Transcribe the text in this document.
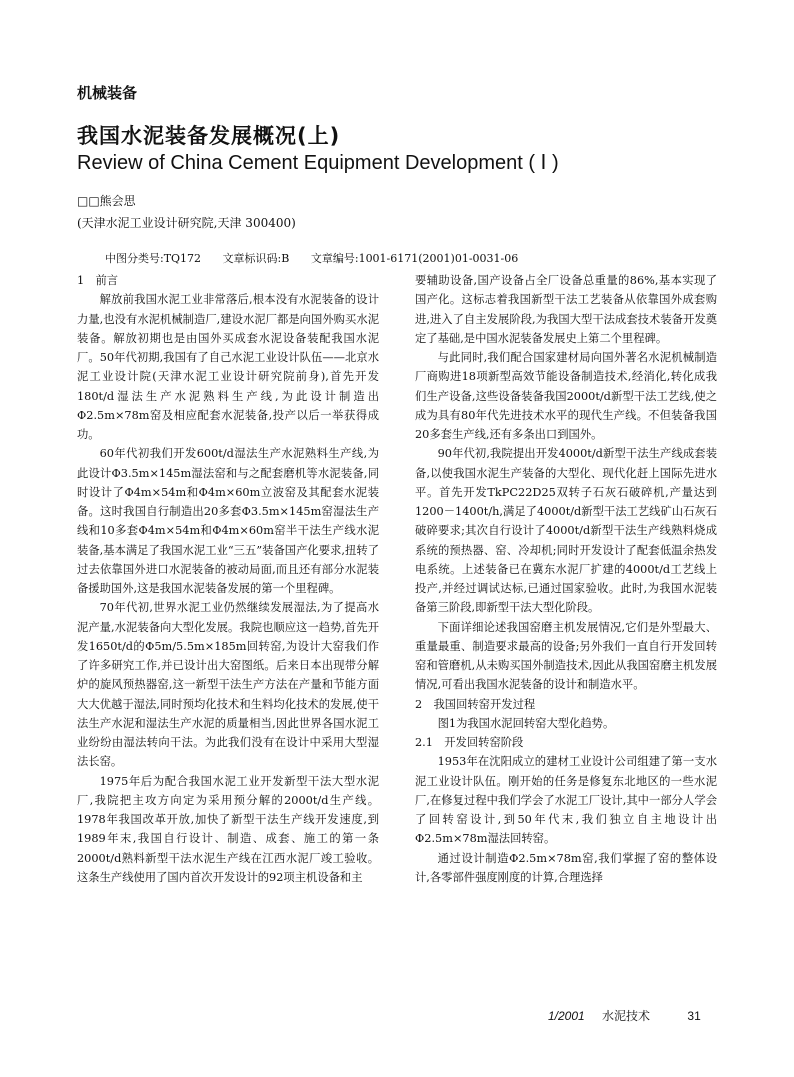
机械装备
我国水泥装备发展概况(上)
Review of China Cement Equipment Development ( Ⅰ )
□□熊会思
(天津水泥工业设计研究院,天津 300400)
中图分类号:TQ172 文章标识码:B 文章编号:1001-6171(2001)01-0031-06
1　前言

解放前我国水泥工业非常落后,根本没有水泥装备的设计力量,也没有水泥机械制造厂,建设水泥厂都是向国外购买水泥装备。解放初期也是由国外买成套水泥设备装配我国水泥厂。50年代初期,我国有了自己水泥工业设计队伍——北京水泥工业设计院(天津水泥工业设计研究院前身),首先开发180t/d湿法生产水泥熟料生产线,为此设计制造出Φ2.5m×78m窑及相应配套水泥装备,投产以后一举获得成功。

60年代初我们开发600t/d湿法生产水泥熟料生产线,为此设计Φ3.5m×145m湿法窑和与之配套磨机等水泥装备,同时设计了Φ4m×54m和Φ4m×60m立波窑及其配套水泥装备。这时我国自行制造出20多套Φ3.5m×145m窑湿法生产线和10多套Φ4m×54m和Φ4m×60m窑半干法生产线水泥装备,基本满足了我国水泥工业“三五”装备国产化要求,扭转了过去依靠国外进口水泥装备的被动局面,而且还有部分水泥装备援助国外,这是我国水泥装备发展的第一个里程碑。

70年代初,世界水泥工业仍然继续发展湿法,为了提高水泥产量,水泥装备向大型化发展。我院也顺应这一趋势,首先开发1650t/d的Φ5m/5.5m×185m回转窑,为设计大窑我们作了许多研究工作,并已设计出大窑图纸。后来日本出现带分解炉的旋风预热器窑,这一新型干法生产方法在产量和节能方面大大优越于湿法,同时预均化技术和生料均化技术的发展,使干法生产水泥和湿法生产水泥的质量相当,因此世界各国水泥工业纷纷由湿法转向干法。为此我们没有在设计中采用大型湿法长窑。

1975年后为配合我国水泥工业开发新型干法大型水泥厂,我院把主攻方向定为采用预分解的2000t/d生产线。1978年我国改革开放,加快了新型干法生产线开发速度,到1989年末,我国自行设计、制造、成套、施工的第一条2000t/d熟料新型干法水泥生产线在江西水泥厂竣工验收。这条生产线使用了国内首次开发设计的92项主机设备和主

要辅助设备,国产设备占全厂设备总重量的86%,基本实现了国产化。这标志着我国新型干法工艺装备从依靠国外成套购进,进入了自主发展阶段,为我国大型干法成套技术装备开发奠定了基础,是中国水泥装备发展史上第二个里程碑。

与此同时,我们配合国家建材局向国外著名水泥机械制造厂商购进18项新型高效节能设备制造技术,经消化,转化成我们生产设备,这些设备装备我国2000t/d新型干法工艺线,使之成为具有80年代先进技术水平的现代生产线。不但装备我国20多套生产线,还有多条出口到国外。

90年代初,我院提出开发4000t/d新型干法生产线成套装备,以使我国水泥生产装备的大型化、现代化赶上国际先进水平。首先开发TkPC22D25双转子石灰石破碎机,产量达到1200－1400t/h,满足了4000t/d新型干法工艺线矿山石灰石破碎要求;其次自行设计了4000t/d新型干法生产线熟料烧成系统的预热器、窑、冷却机;同时开发设计了配套低温余热发电系统。上述装备已在冀东水泥厂扩建的4000t/d工艺线上投产,并经过调试达标,已通过国家验收。此时,为我国水泥装备第三阶段,即新型干法大型化阶段。

下面详细论述我国窑磨主机发展情况,它们是外型最大、重量最重、制造要求最高的设备;另外我们一直自行开发回转窑和管磨机,从未购买国外制造技术,因此从我国窑磨主机发展情况,可看出我国水泥装备的设计和制造水平。

2　我国回转窑开发过程

图1为我国水泥回转窑大型化趋势。

2.1　开发回转窑阶段

1953年在沈阳成立的建材工业设计公司组建了第一支水泥工业设计队伍。刚开始的任务是修复东北地区的一些水泥厂,在修复过程中我们学会了水泥工厂设计,其中一部分人学会了回转窑设计,到50年代末,我们独立自主地设计出Φ2.5m×78m湿法回转窑。

通过设计制造Φ2.5m×78m窑,我们掌握了窑的整体设计,各零部件强度刚度的计算,合理选择

1/2001 水泥技术	31
